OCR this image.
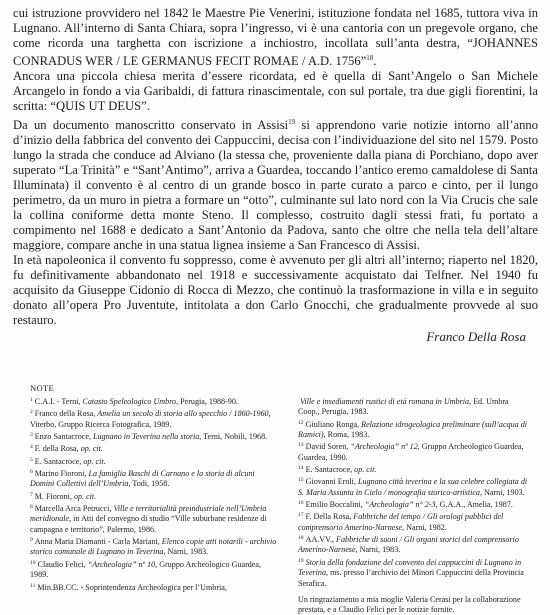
cui istruzione provvidero nel 1842 le Maestre Pie Venerini, istituzione fondata nel 1685, tuttora viva in Lugnano. All’interno di Santa Chiara, sopra l’ingresso, vi è una cantoria con un pregevole organo, che come ricorda una targhetta con iscrizione a inchiostro, incollata sull’anta destra, “JOHANNES CONRADUS WER / LE GERMANUS FECIT ROMAE / A.D. 1756”$^{18}$.

Ancora una piccola chiesa merita d’essere ricordata, ed è quella di Sant’Angelo o San Michele Arcangelo in fondo a via Garibaldi, di fattura rinascimentale, con sul portale, tra due gigli fiorentini, la scritta: “QUIS UT DEUS”.

Da un documento manoscritto conservato in Assisi$^{19}$ si apprendono varie notizie intorno all’anno d’inizio della fabbrica del convento dei Cappuccini, decisa con l’individuazione del sito nel 1579. Posto lungo la strada che conduce ad Alviano (la stessa che, proveniente dalla piana di Porchiano, dopo aver superato “La Trinità” e “Sant’Antimo”, arriva a Guardea, toccando l’antico eremo camaldolese di Santa Illuminata) il convento è al centro di un grande bosco in parte curato a parco e cinto, per il lungo perimetro, da un muro in pietra a formare un “otto”, culminante sul lato nord con la Via Crucis che sale la collina coniforme detta monte Steno. Il complesso, costruito dagli stessi frati, fu portato a compimento nel 1688 e dedicato a Sant’Antonio da Padova, santo che oltre che nella tela dell’altare maggiore, compare anche in una statua lignea insieme a San Francesco di Assisi.

In età napoleonica il convento fu soppresso, come è avvenuto per gli altri all’interno; riaperto nel 1820, fu definitivamente abbandonato nel 1918 e successivamente acquistato dai Telfner. Nel 1940 fu acquisito da Giuseppe Cidonio di Rocca di Mezzo, che continuò la trasformazione in villa e in seguito donato all’opera Pro Juventute, intitolata a don Carlo Gnocchi, che gradualmente provvede al suo restauro.

Franco Della Rosa
NOTE

$^1$ C.A.I. - Terni, Catasto Speleologico Umbro, Perugia, 1988-90.

$^2$ Franco della Rosa, Amelia un secolo di storia allo specchio / 1860-1960, Viterbo, Gruppo Ricerca Fotografica, 1989.

$^3$ Enzo Santacroce, Lugnano in Teverina nella storia, Terni, Nobili, 1968.

$^4$ F. della Rosa, op. cit.

$^5$ E. Santacroce, op. cit.

$^6$ Marino Fioroni, La famiglia Baschi di Carnano e la storia di alcuni Domini Collettivi dell’Umbria, Todi, 1958.

$^7$ M. Fioroni, op. cit.

$^8$ Marcella Arca Petrucci, Ville e territorialità preindustriale nell’Umbria meridionale, in Atti del convegno di studio “Ville suburbane residenze di campagna e territorio”, Palermo, 1986.

$^9$ Anna Maria Diamanti - Carla Mariani, Elenco copie atti notarili - archivio storico comunale di Lugnano in Teverina, Narni, 1983.

$^{10}$ Claudio Felici, “Archeologia” nº 10, Gruppo Archeologico Guardea, 1989.

$^{11}$ Min.BB.CC. - Soprintendenza Archeologica per l’Umbria,

Ville e insediamenti rustici di età romana in Umbria, Ed. Umbra Coop., Perugia, 1983.

$^{12}$ Giuliano Ronga, Relazione idrogeologica preliminare (sull’acqua di Ramici), Roma, 1983.

$^{13}$ David Soren, “Archeologia” nº 12, Gruppo Archeologico Guardea, Guardea, 1990.

$^{14}$ E. Santacroce, op. cit.

$^{15}$ Giovanni Eroli, Lugnano città teverina e la sua celebre collegiata di S. Maria Assunta in Cielo / monografia storico-artistica, Narni, 1903.

$^{16}$ Emilio Boccalini, “Archeologia” n° 2-3, G.A.A., Amelia, 1987.

$^{17}$ F. Della Rosa, Fabbriche del tempo / Gli orologi pubblici del comprensorio Amerino-Narnese, Narni, 1982.

$^{18}$ AA.VV., Fabbriche di suoni / Gli organi storici del comprensorio Amerino-Narnese, Narni, 1983.

$^{19}$ Storia della fondazione del convento dei cappuccini di Lugnano in Teverina, ms. presso l’archivio dei Minori Cappuccini della Provincia Serafica.

Un ringraziamento a mia moglie Valeria Cerasi per la collaborazione prestata, e a Claudio Felici per le notizie fornite.
